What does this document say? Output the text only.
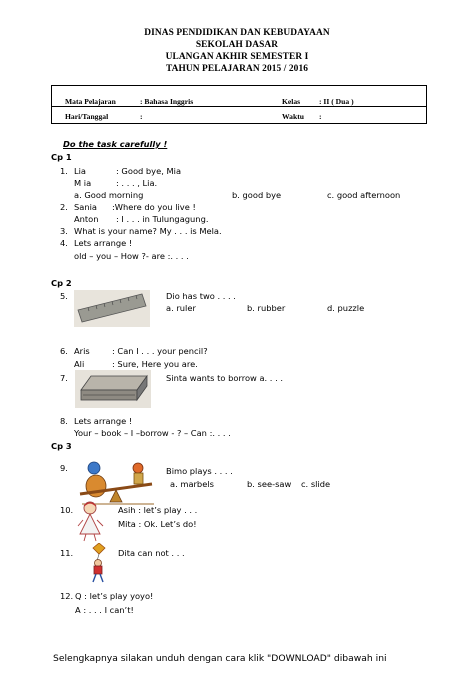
DINAS PENDIDIKAN DAN KEBUDAYAAN
SEKOLAH DASAR
ULANGAN AKHIR SEMESTER I
TAHUN PELAJARAN 2015 / 2016
Mata Pelajaran	: Bahasa Inggris	Kelas : II ( Dua )
Hari/Tanggal	:	Waktu :
Do the task carefully !
Cp 1
1. Lia	: Good bye, Mia
M ia	: . . . , Lia.
a. Good morning	b. good bye	c. good afternoon
2. Sania :Where do you live !
Anton : I . . . in Tulungagung.
3. What is your name? My . . . is Mela.
4. Lets arrange !
old – you – How ?- are :. . . .
Cp 2
5.	Dio has two . . . .
a. ruler	b. rubber	d. puzzle
6. Aris	: Can I . . . your pencil?
Ali	: Sure, Here you are.
7.	Sinta wants to borrow a. . . .
8. Lets arrange !
Your – book – I –borrow - ? – Can :. . . .
Cp 3
9.	Bimo plays . . . .
a. marbels	b. see-saw c. slide
10.	Asih : let’s play . . .
Mita : Ok. Let’s do!
11.	Dita can not . . .
12. Q : let’s play yoyo!
A : . . . I can’t!
Selengkapnya silakan unduh dengan cara klik "DOWNLOAD" dibawah ini
